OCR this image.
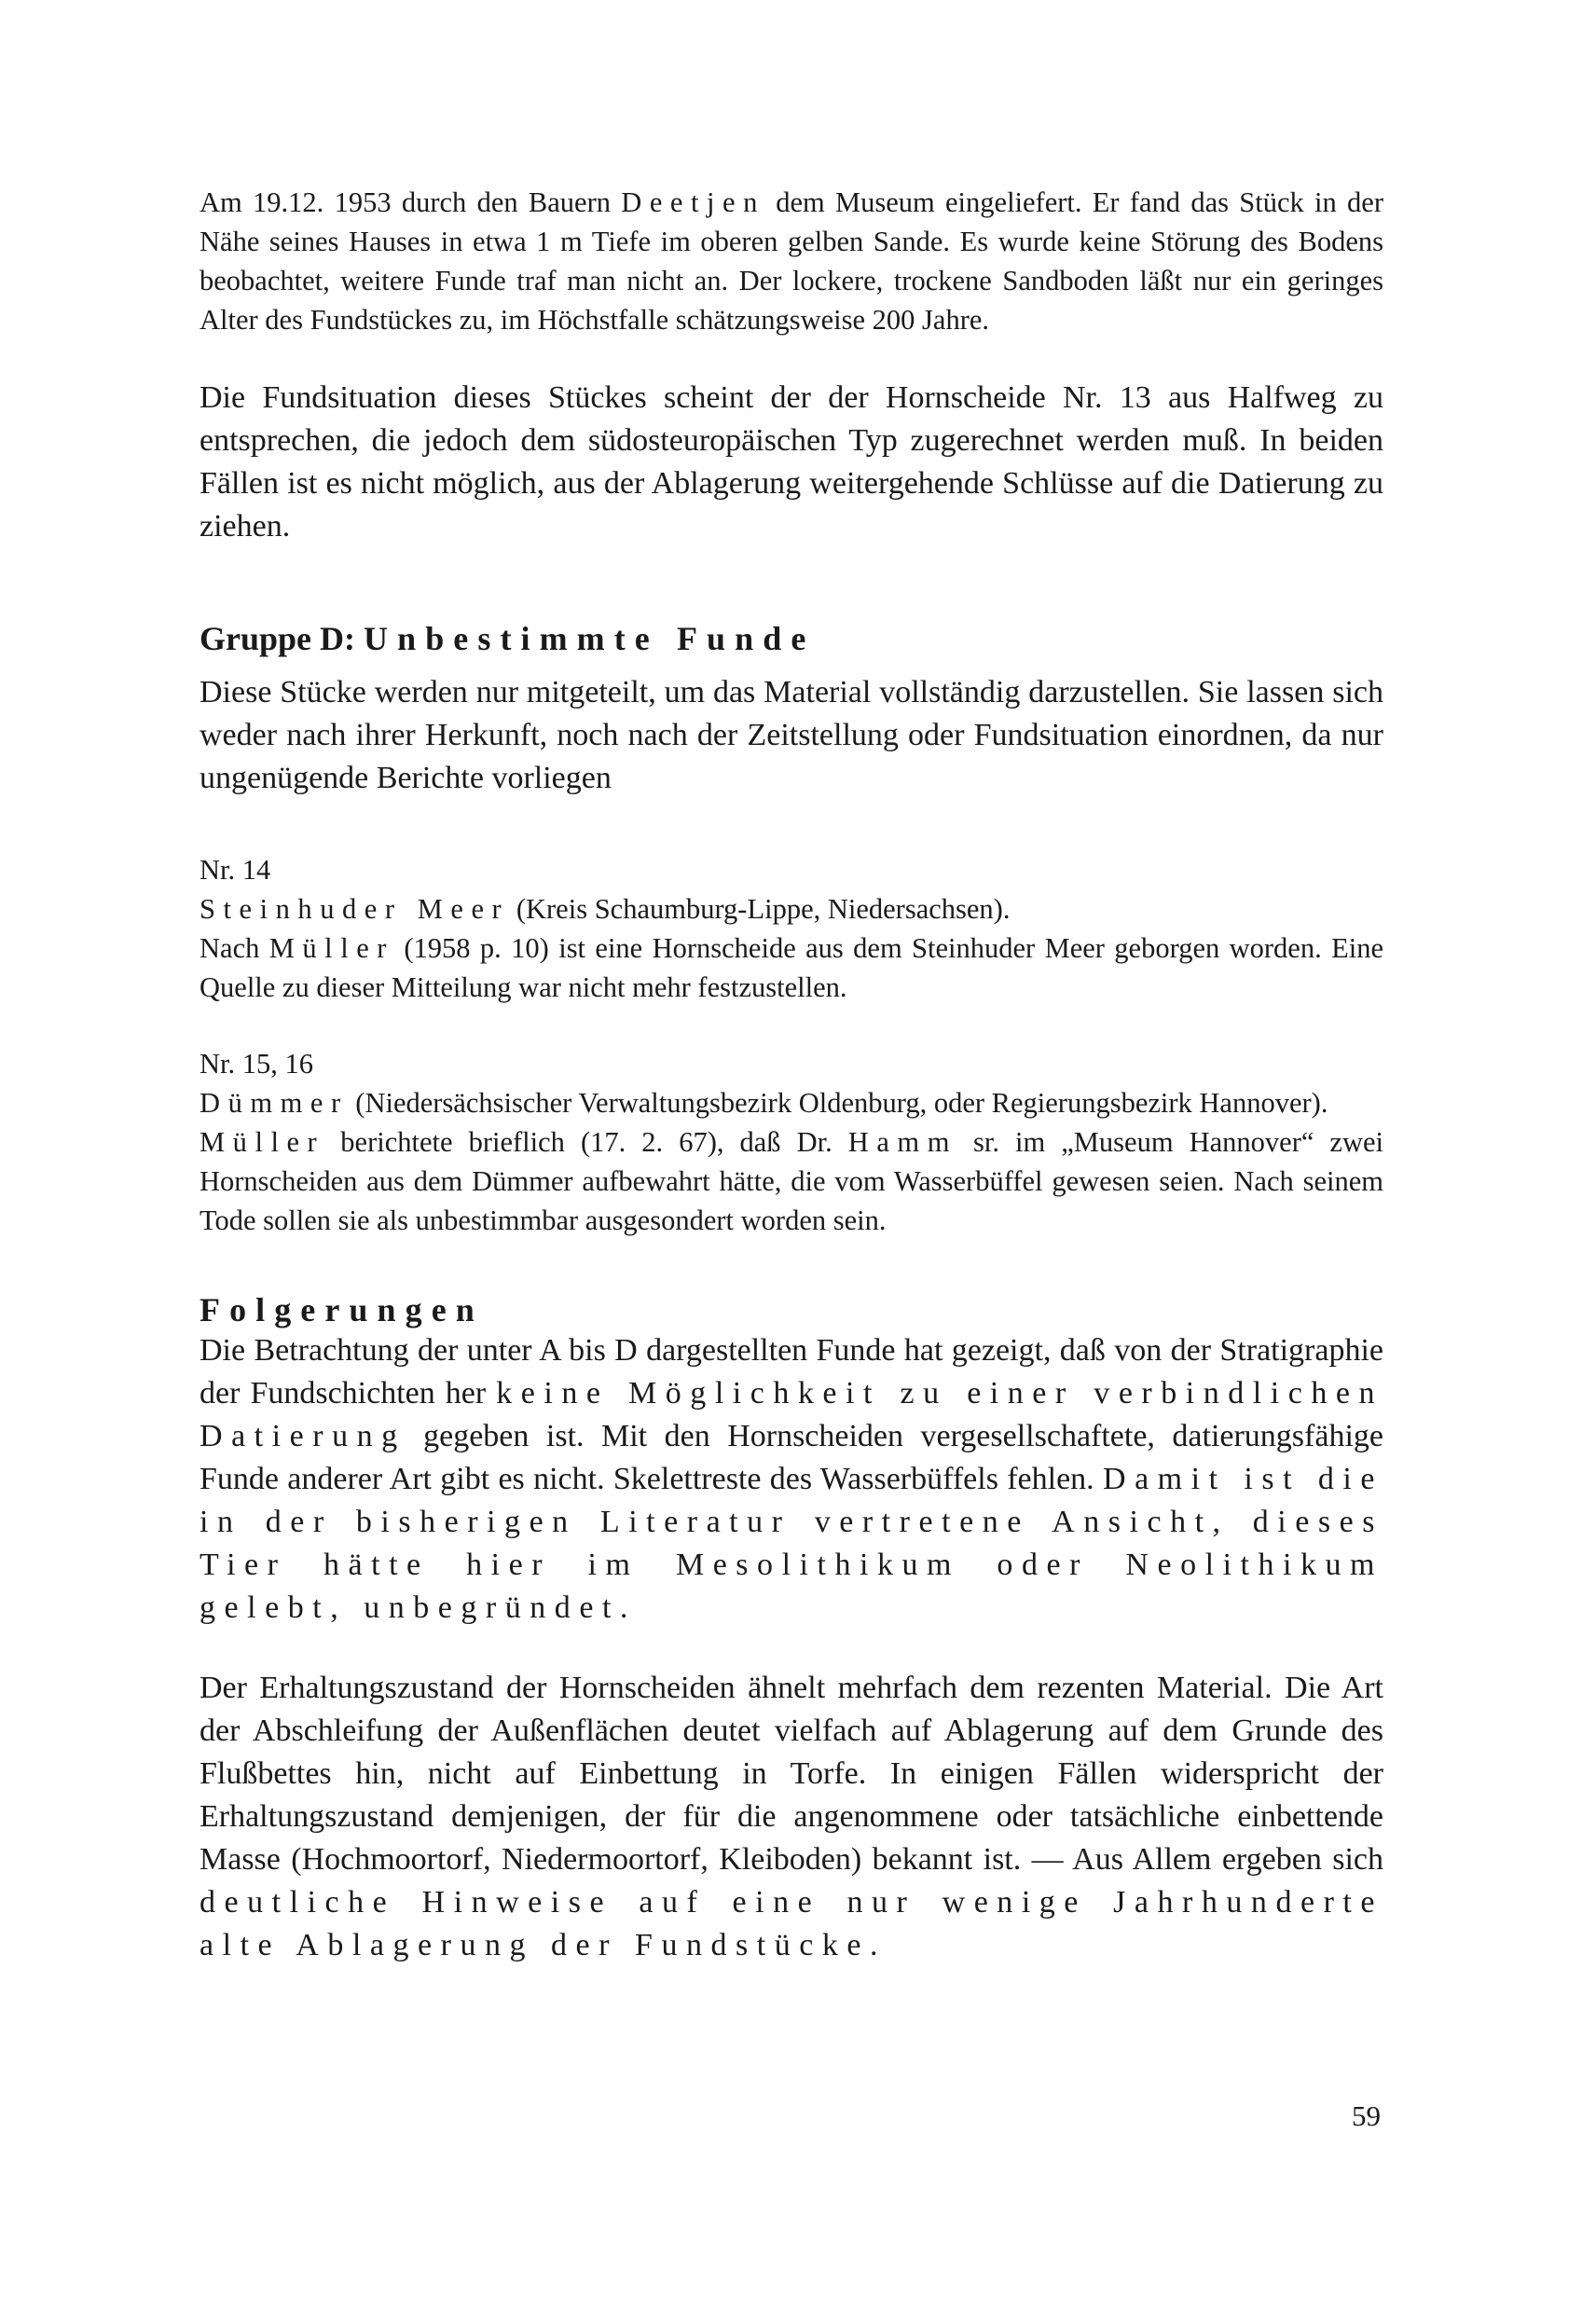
Am 19.12. 1953 durch den Bauern Deetjen dem Museum eingeliefert. Er fand das Stück in der Nähe seines Hauses in etwa 1 m Tiefe im oberen gelben Sande. Es wurde keine Störung des Bodens beobachtet, weitere Funde traf man nicht an. Der lockere, trockene Sandboden läßt nur ein geringes Alter des Fundstückes zu, im Höchstfalle schätzungsweise 200 Jahre.

Die Fundsituation dieses Stückes scheint der der Hornscheide Nr. 13 aus Halfweg zu entsprechen, die jedoch dem südosteuropäischen Typ zugerechnet werden muß. In beiden Fällen ist es nicht möglich, aus der Ablagerung weitergehende Schlüsse auf die Datierung zu ziehen.

Gruppe D: Unbestimmte Funde

Diese Stücke werden nur mitgeteilt, um das Material vollständig darzustellen. Sie lassen sich weder nach ihrer Herkunft, noch nach der Zeitstellung oder Fundsituation einordnen, da nur ungenügende Berichte vorliegen

Nr. 14

Steinhuder Meer (Kreis Schaumburg-Lippe, Niedersachsen).

Nach Müller (1958 p. 10) ist eine Hornscheide aus dem Steinhuder Meer geborgen worden. Eine Quelle zu dieser Mitteilung war nicht mehr festzustellen.

Nr. 15, 16

Dümmer (Niedersächsischer Verwaltungsbezirk Oldenburg, oder Regierungsbezirk Hannover).

Müller berichtete brieflich (17. 2. 67), daß Dr. Hamm sr. im „Museum Hannover“ zwei Hornscheiden aus dem Dümmer aufbewahrt hätte, die vom Wasserbüffel gewesen seien. Nach seinem Tode sollen sie als unbestimmbar ausgesondert worden sein.

Folgerungen

Die Betrachtung der unter A bis D dargestellten Funde hat gezeigt, daß von der Stratigraphie der Fundschichten her keine Möglichkeit zu einer verbindlichen Datierung gegeben ist. Mit den Hornscheiden vergesellschaftete, datierungsfähige Funde anderer Art gibt es nicht. Skelettreste des Wasserbüffels fehlen. Damit ist die in der bisherigen Literatur vertretene Ansicht, dieses Tier hätte hier im Mesolithikum oder Neolithikum gelebt, unbegründet.

Der Erhaltungszustand der Hornscheiden ähnelt mehrfach dem rezenten Material. Die Art der Abschleifung der Außenflächen deutet vielfach auf Ablagerung auf dem Grunde des Flußbettes hin, nicht auf Einbettung in Torfe. In einigen Fällen widerspricht der Erhaltungszustand demjenigen, der für die angenommene oder tatsächliche einbettende Masse (Hochmoortorf, Niedermoortorf, Kleiboden) bekannt ist. — Aus Allem ergeben sich deutliche Hinweise auf eine nur wenige Jahrhunderte alte Ablagerung der Fundstücke.

59
